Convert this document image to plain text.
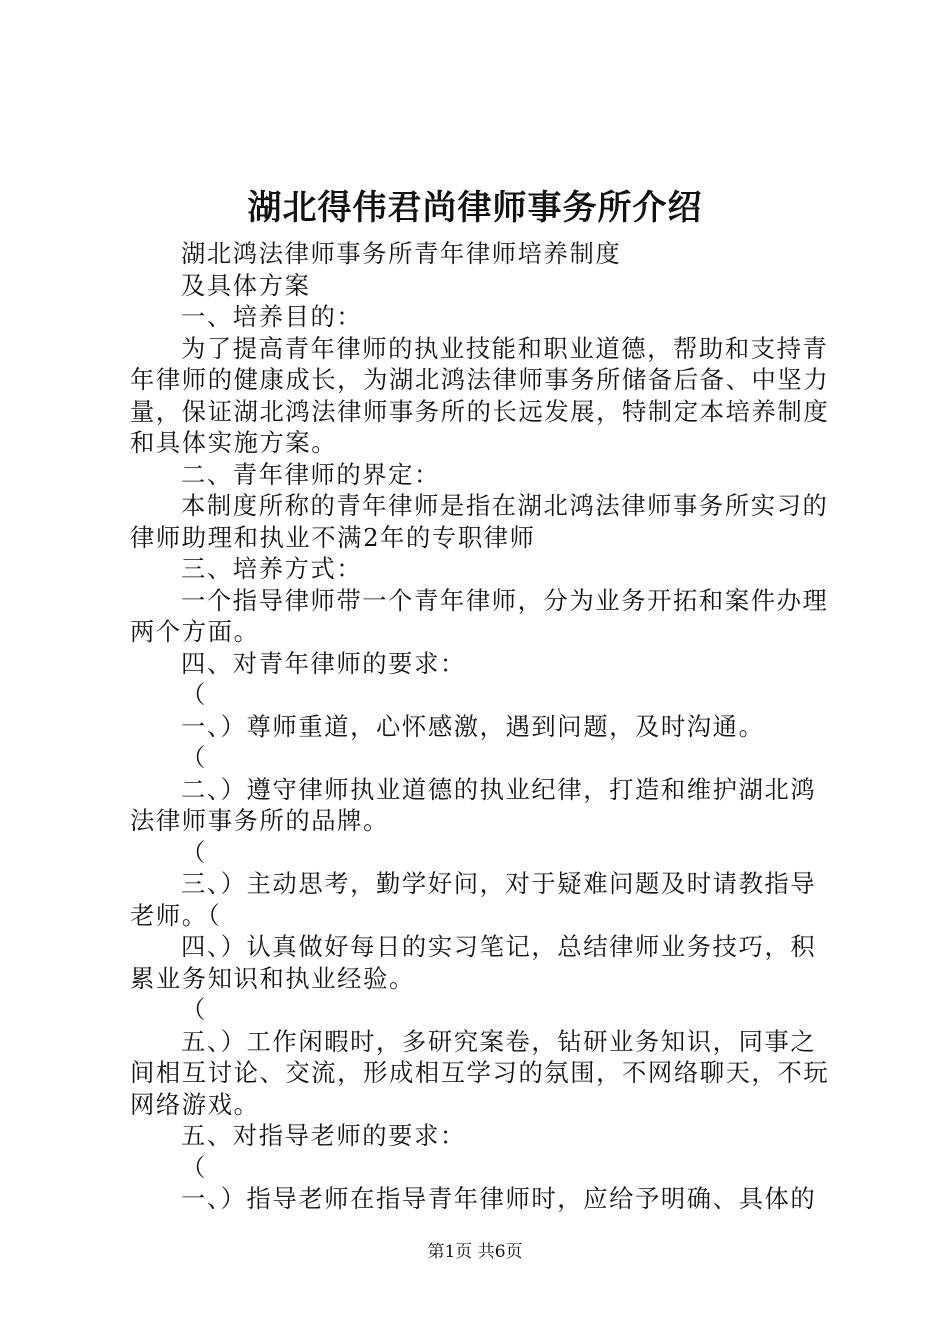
湖北得伟君尚律师事务所介绍

湖北鸿法律师事务所青年律师培养制度

及具体方案

一、培养目的：

为了提高青年律师的执业技能和职业道德，帮助和支持青年律师的健康成长，为湖北鸿法律师事务所储备后备、中坚力量，保证湖北鸿法律师事务所的长远发展，特制定本培养制度和具体实施方案。

二、青年律师的界定：

本制度所称的青年律师是指在湖北鸿法律师事务所实习的律师助理和执业不满2年的专职律师

三、培养方式：

一个指导律师带一个青年律师，分为业务开拓和案件办理两个方面。

四、对青年律师的要求：

（

一、）尊师重道，心怀感激，遇到问题，及时沟通。

（

二、）遵守律师执业道德的执业纪律，打造和维护湖北鸿法律师事务所的品牌。

（

三、）主动思考，勤学好问，对于疑难问题及时请教指导老师。（

四、）认真做好每日的实习笔记，总结律师业务技巧，积累业务知识和执业经验。

（

五、）工作闲暇时，多研究案卷，钻研业务知识，同事之间相互讨论、交流，形成相互学习的氛围，不网络聊天，不玩网络游戏。

五、对指导老师的要求：

（

一、）指导老师在指导青年律师时，应给予明确、具体的

第1页 共6页
